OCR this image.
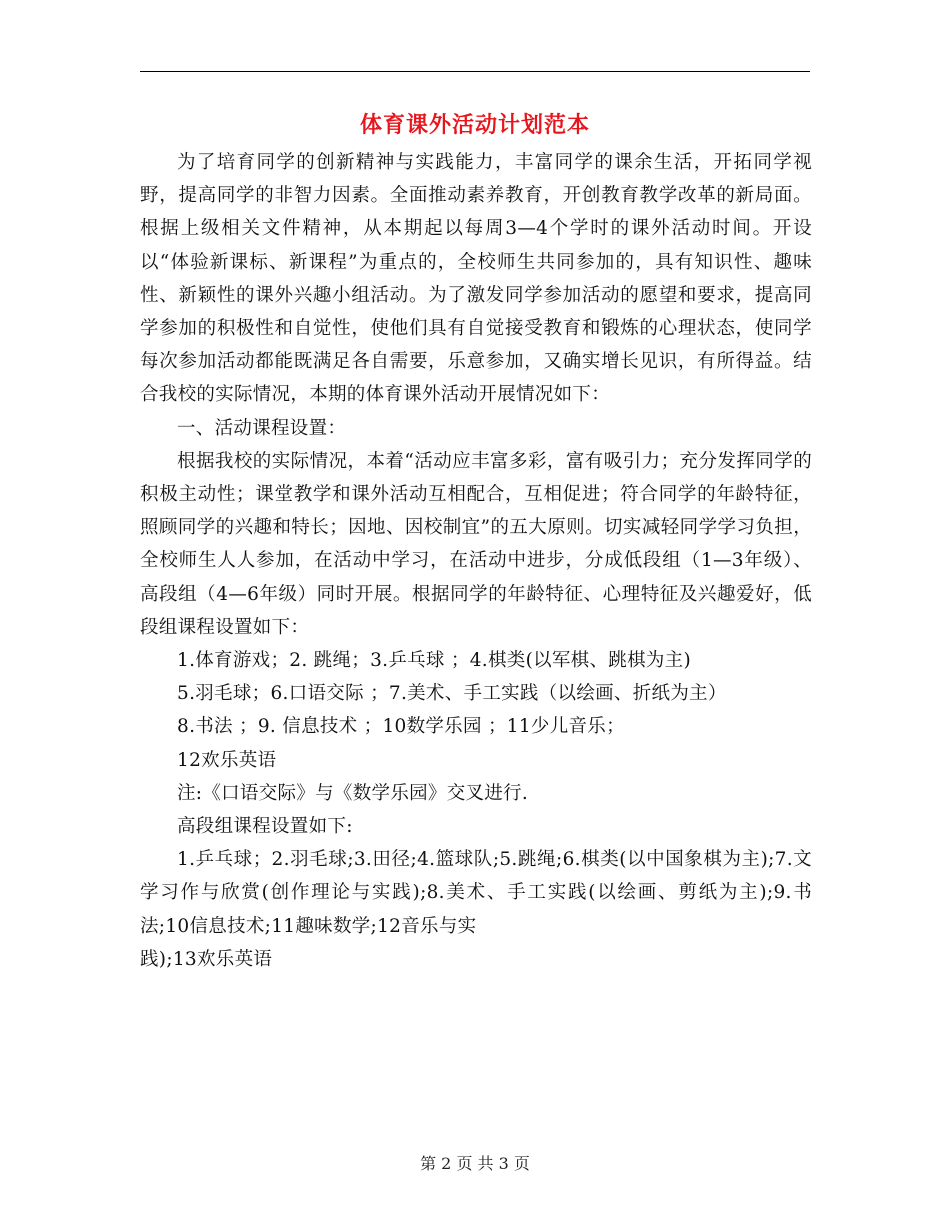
体育课外活动计划范本

为了培育同学的创新精神与实践能力，丰富同学的课余生活，开拓同学视野，提高同学的非智力因素。全面推动素养教育，开创教育教学改革的新局面。根据上级相关文件精神，从本期起以每周3—4个学时的课外活动时间。开设以“体验新课标、新课程”为重点的，全校师生共同参加的，具有知识性、趣味性、新颖性的课外兴趣小组活动。为了激发同学参加活动的愿望和要求，提高同学参加的积极性和自觉性，使他们具有自觉接受教育和锻炼的心理状态，使同学每次参加活动都能既满足各自需要，乐意参加，又确实增长见识，有所得益。结合我校的实际情况，本期的体育课外活动开展情况如下：

一、活动课程设置：

根据我校的实际情况，本着“活动应丰富多彩，富有吸引力；充分发挥同学的积极主动性；课堂教学和课外活动互相配合，互相促进；符合同学的年龄特征，照顾同学的兴趣和特长；因地、因校制宜”的五大原则。切实减轻同学学习负担，全校师生人人参加，在活动中学习，在活动中进步，分成低段组（1—3年级）、高段组（4—6年级）同时开展。根据同学的年龄特征、心理特征及兴趣爱好，低段组课程设置如下：

1.体育游戏；2. 跳绳；3.乒乓球 ；4.棋类(以军棋、跳棋为主)

5.羽毛球；6.口语交际 ；7.美术、手工实践（以绘画、折纸为主）

8.书法 ；9. 信息技术 ；10数学乐园 ；11少儿音乐；

12欢乐英语

注:《口语交际》与《数学乐园》交叉进行.

高段组课程设置如下:

1.乒乓球；2.羽毛球;3.田径;4.篮球队;5.跳绳;6.棋类(以中国象棋为主);7.文学习作与欣赏(创作理论与实践);8.美术、手工实践(以绘画、剪纸为主);9.书法;10信息技术;11趣味数学;12音乐与实

践);13欢乐英语

第 2 页 共 3 页
